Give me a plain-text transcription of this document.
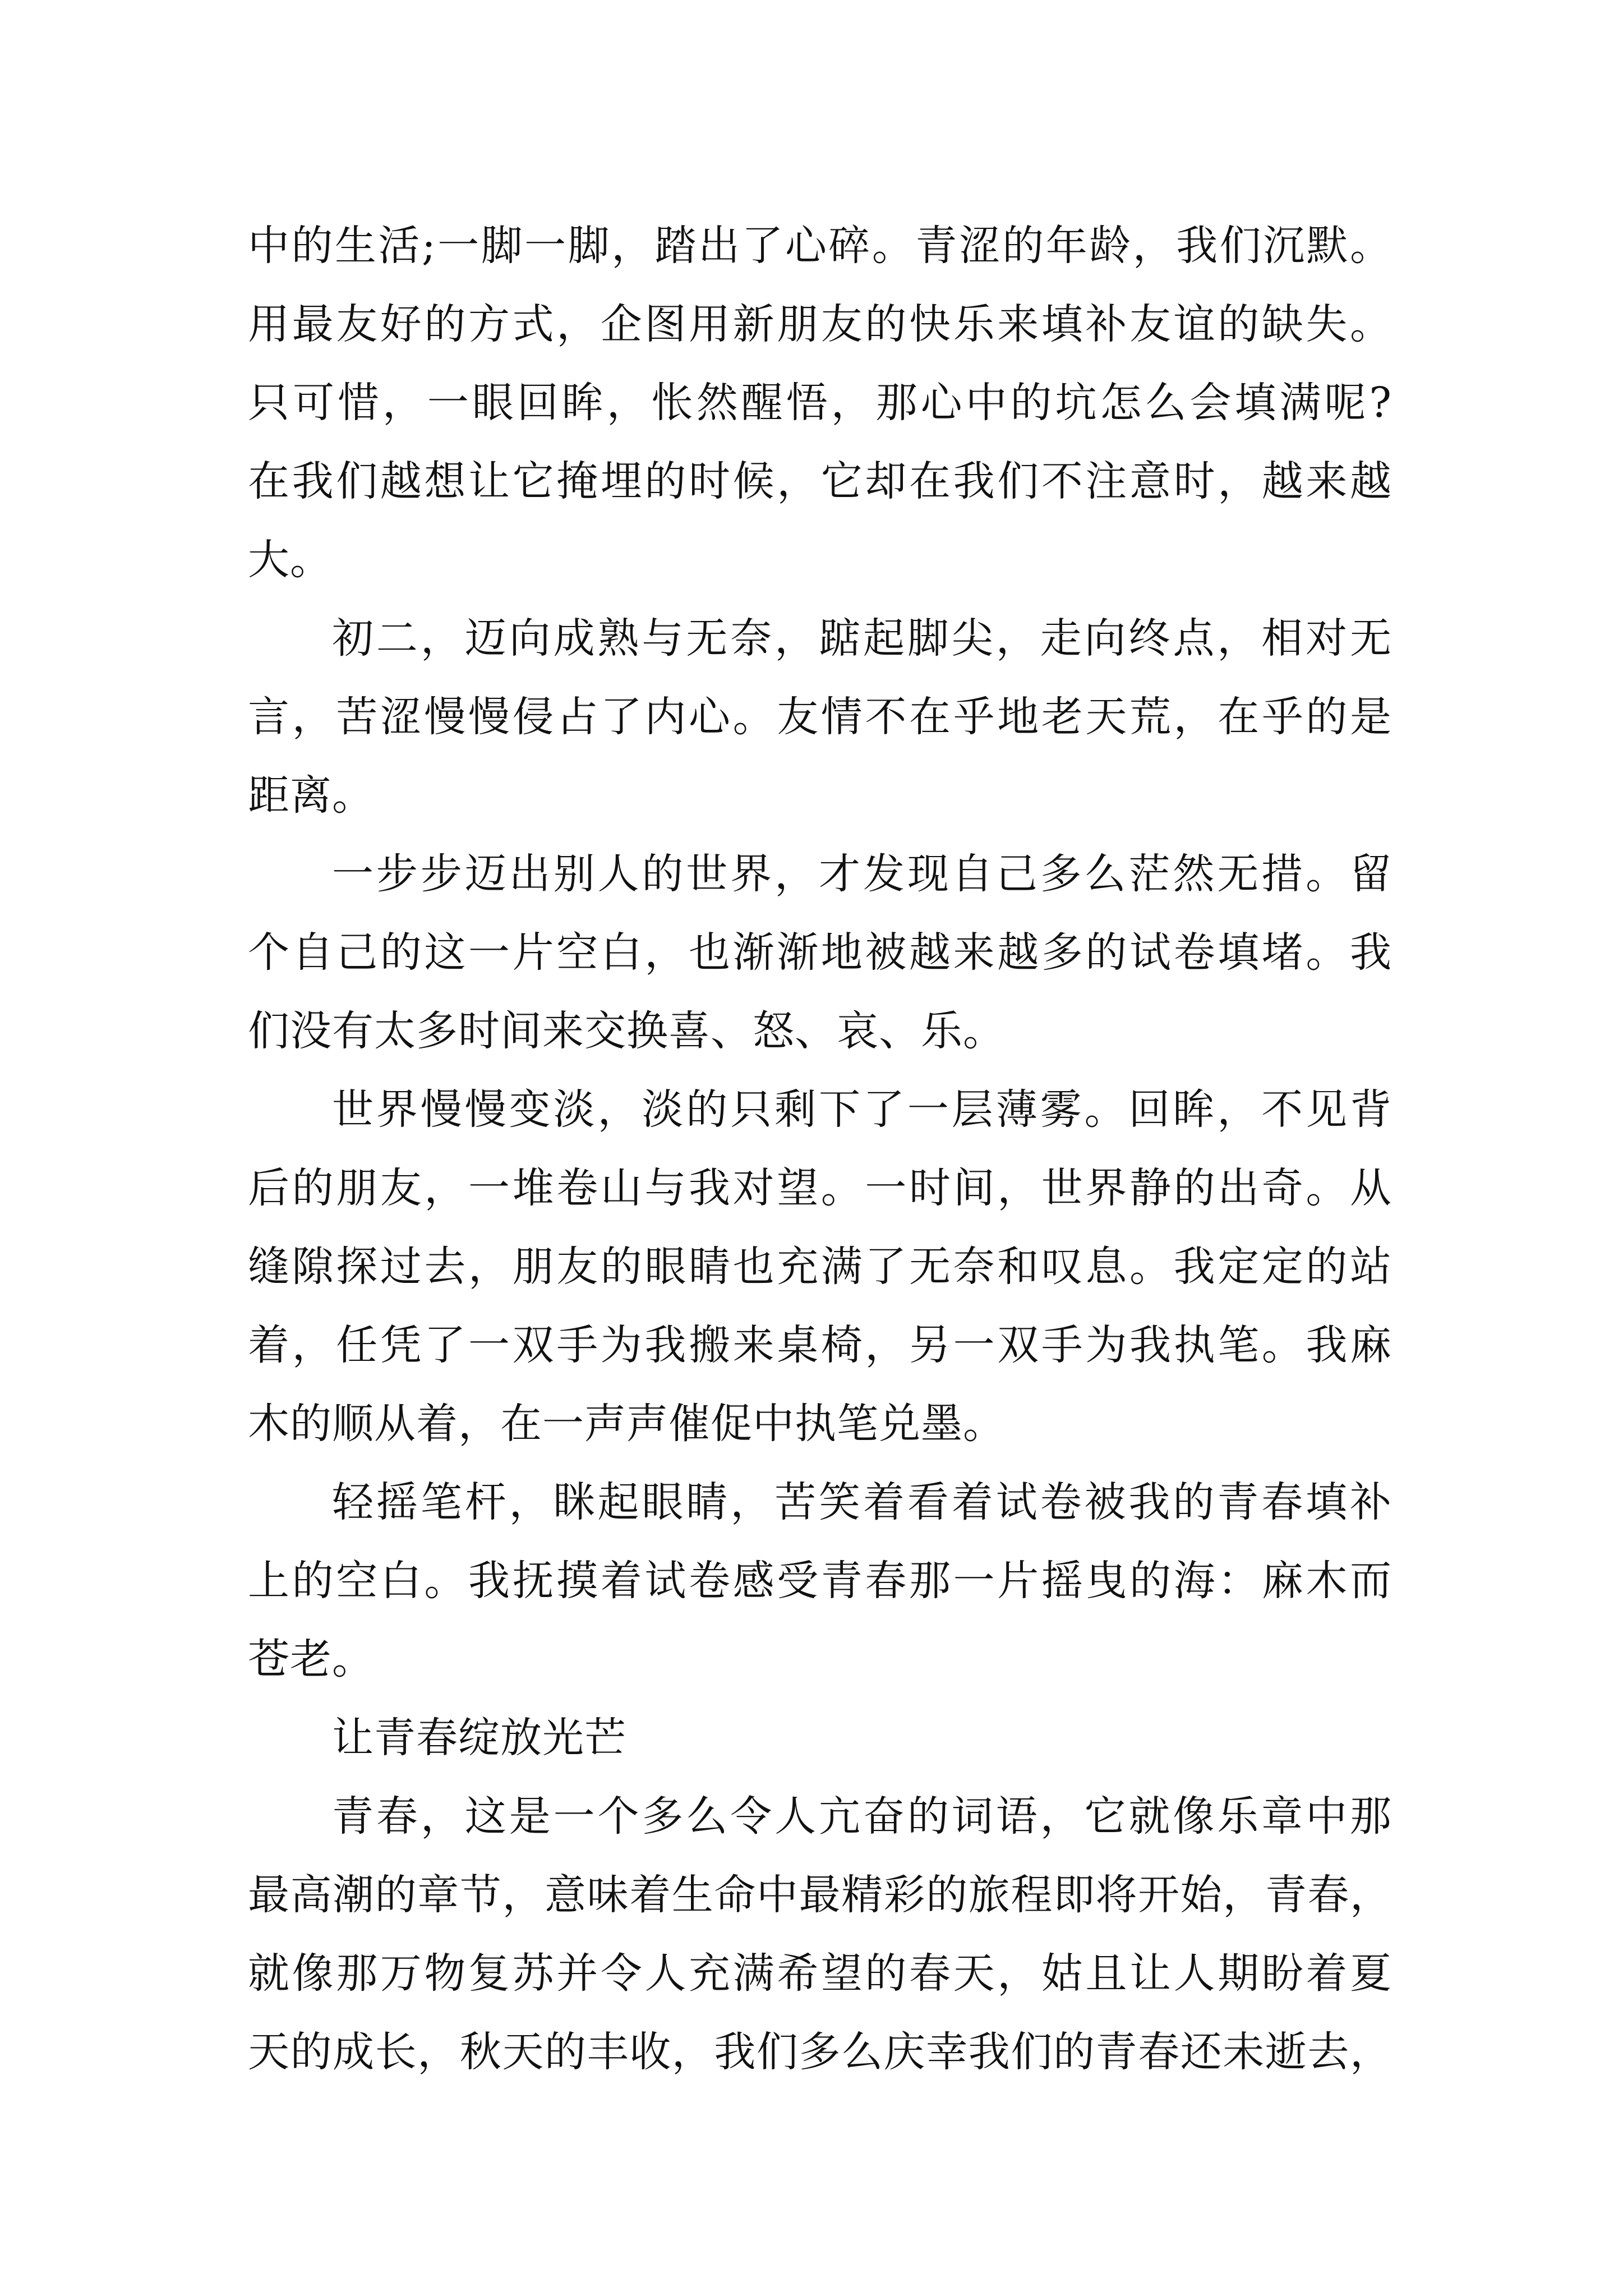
中的生活;一脚一脚，踏出了心碎。青涩的年龄，我们沉默。
用最友好的方式，企图用新朋友的快乐来填补友谊的缺失。
只可惜，一眼回眸，怅然醒悟，那心中的坑怎么会填满呢?
在我们越想让它掩埋的时候，它却在我们不注意时，越来越
大。
初二，迈向成熟与无奈，踮起脚尖，走向终点，相对无
言，苦涩慢慢侵占了内心。友情不在乎地老天荒，在乎的是
距离。
一步步迈出别人的世界，才发现自己多么茫然无措。留
个自己的这一片空白，也渐渐地被越来越多的试卷填堵。我
们没有太多时间来交换喜、怒、哀、乐。
世界慢慢变淡，淡的只剩下了一层薄雾。回眸，不见背
后的朋友，一堆卷山与我对望。一时间，世界静的出奇。从
缝隙探过去，朋友的眼睛也充满了无奈和叹息。我定定的站
着，任凭了一双手为我搬来桌椅，另一双手为我执笔。我麻
木的顺从着，在一声声催促中执笔兑墨。
轻摇笔杆，眯起眼睛，苦笑着看着试卷被我的青春填补
上的空白。我抚摸着试卷感受青春那一片摇曳的海：麻木而
苍老。
让青春绽放光芒
青春，这是一个多么令人亢奋的词语，它就像乐章中那
最高潮的章节，意味着生命中最精彩的旅程即将开始，青春，
就像那万物复苏并令人充满希望的春天，姑且让人期盼着夏
天的成长，秋天的丰收，我们多么庆幸我们的青春还未逝去，
